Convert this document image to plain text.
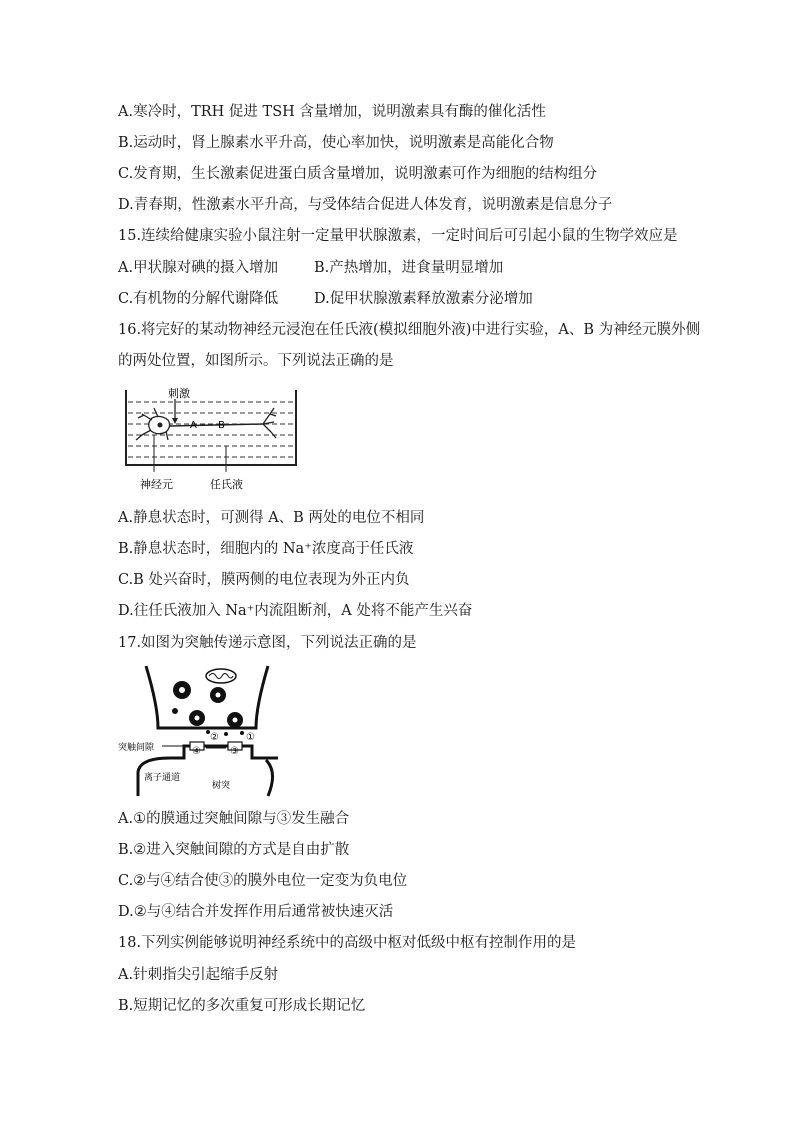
A.寒冷时，TRH 促进 TSH 含量增加，说明激素具有酶的催化活性
B.运动时，肾上腺素水平升高，使心率加快，说明激素是高能化合物
C.发育期，生长激素促进蛋白质含量增加，说明激素可作为细胞的结构组分
D.青春期，性激素水平升高，与受体结合促进人体发育，说明激素是信息分子
15.连续给健康实验小鼠注射一定量甲状腺激素，一定时间后可引起小鼠的生物学效应是
A.甲状腺对碘的摄入增加 B.产热增加，进食量明显增加
C.有机物的分解代谢降低 D.促甲状腺激素释放激素分泌增加
16.将完好的某动物神经元浸泡在任氏液(模拟细胞外液)中进行实验，A、B 为神经元膜外侧
的两处位置，如图所示。下列说法正确的是
刺激
A B
神经元	任氏液
A.静息状态时，可测得 A、B 两处的电位不相同
B.静息状态时，细胞内的 Na⁺浓度高于任氏液
C.B 处兴奋时，膜两侧的电位表现为外正内负
D.往任氏液加入 Na⁺内流阻断剂，A 处将不能产生兴奋
17.如图为突触传递示意图，下列说法正确的是
②	①
突触间隙	④	③
离子通道
树突
A.①的膜通过突触间隙与③发生融合
B.②进入突触间隙的方式是自由扩散
C.②与④结合使③的膜外电位一定变为负电位
D.②与④结合并发挥作用后通常被快速灭活
18.下列实例能够说明神经系统中的高级中枢对低级中枢有控制作用的是
A.针刺指尖引起缩手反射
B.短期记忆的多次重复可形成长期记忆
